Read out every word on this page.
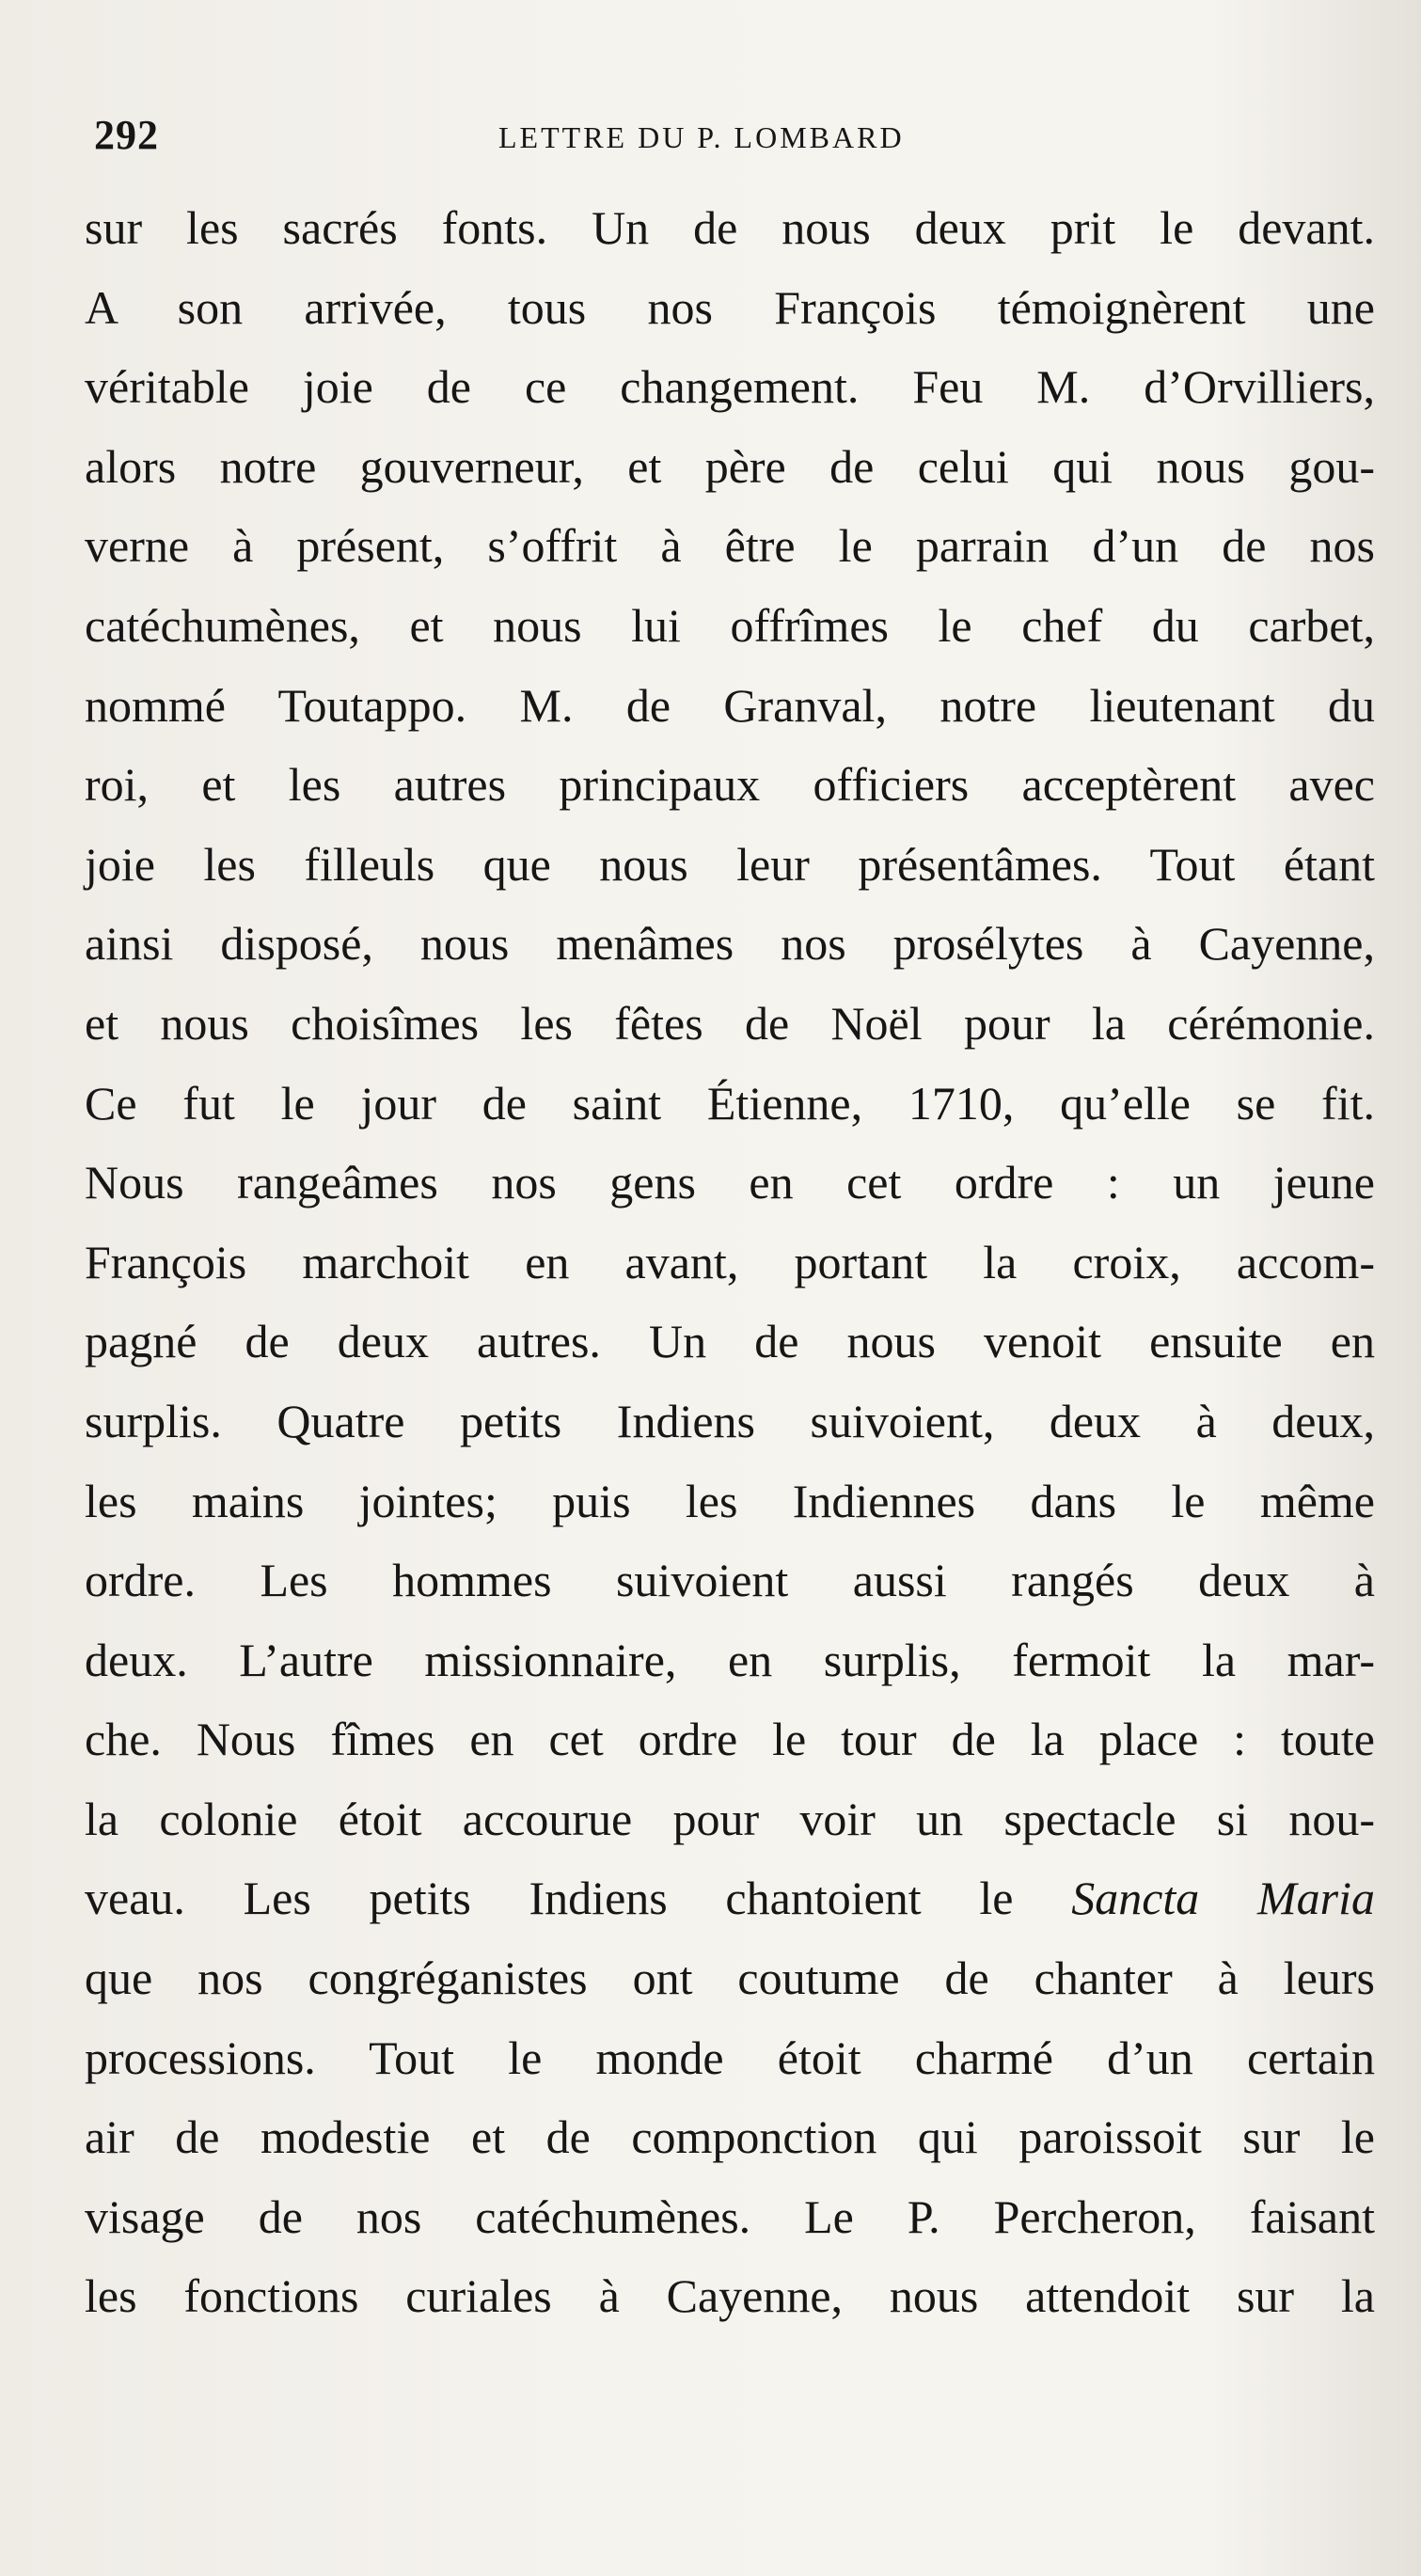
292	LETTRE DU P. LOMBARD
sur les sacrés fonts. Un de nous deux prit le devant.
A son arrivée, tous nos François témoignèrent une
véritable joie de ce changement. Feu M. d’Orvilliers,
alors notre gouverneur, et père de celui qui nous gou-
verne à présent, s’offrit à être le parrain d’un de nos
catéchumènes, et nous lui offrîmes le chef du carbet,
nommé Toutappo. M. de Granval, notre lieutenant du
roi, et les autres principaux officiers acceptèrent avec
joie les filleuls que nous leur présentâmes. Tout étant
ainsi disposé, nous menâmes nos prosélytes à Cayenne,
et nous choisîmes les fêtes de Noël pour la cérémonie.
Ce fut le jour de saint Étienne, 1710, qu’elle se fit.
Nous rangeâmes nos gens en cet ordre : un jeune
François marchoit en avant, portant la croix, accom-
pagné de deux autres. Un de nous venoit ensuite en
surplis. Quatre petits Indiens suivoient, deux à deux,
les mains jointes; puis les Indiennes dans le même
ordre. Les hommes suivoient aussi rangés deux à
deux. L’autre missionnaire, en surplis, fermoit la mar-
che. Nous fîmes en cet ordre le tour de la place : toute
la colonie étoit accourue pour voir un spectacle si nou-
veau. Les petits Indiens chantoient le Sancta Maria
que nos congréganistes ont coutume de chanter à leurs
processions. Tout le monde étoit charmé d’un certain
air de modestie et de componction qui paroissoit sur le
visage de nos catéchumènes. Le P. Percheron, faisant
les fonctions curiales à Cayenne, nous attendoit sur la
